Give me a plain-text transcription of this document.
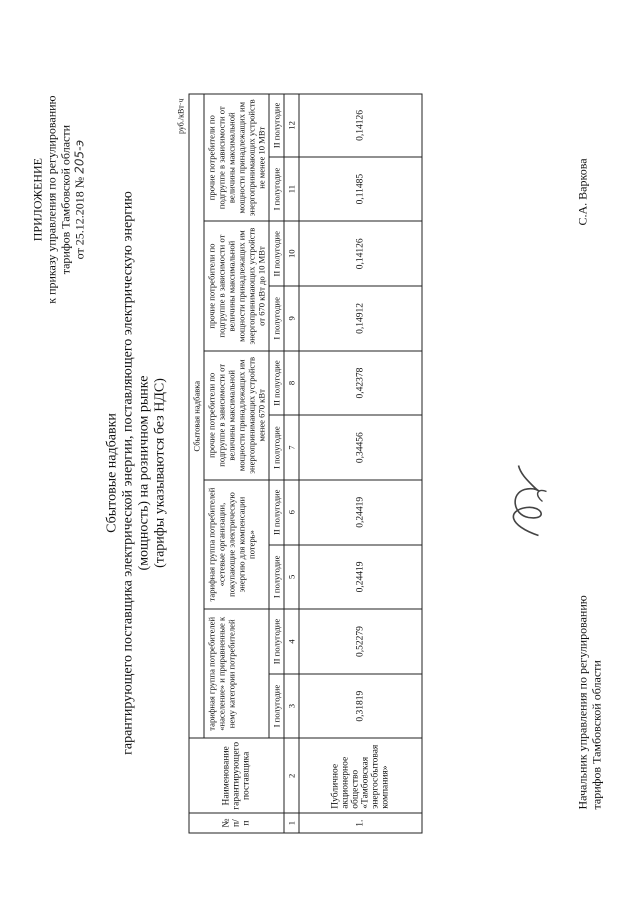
ПРИЛОЖЕНИЕ к приказу управления по регулированию тарифов Тамбовской области от 25.12.2018 № 205-э
Сбытовые надбавки гарантирующего поставщика электрической энергии, поставляющего электрическую энергию (мощность) на розничном рынке (тарифы указываются без НДС)
руб./кВт·ч
№ п/п	Наименование гарантирующего поставщика	Сбытовая надбавка									
		тарифная группа потребителей «население» и приравненные к нему категории потребителей		тарифная группа потребителей «сетевые организации, покупающие электрическую энергию для компенсации потерь»		прочие потребители по подгруппе в зависимости от величины максимальной мощности принадлежащих им энергопринимающих устройств менее 670 кВт		прочие потребители по подгруппе в зависимости от величины максимальной мощности принадлежащих им энергопринимающих устройств от 670 кВт до 10 МВт		прочие потребители по подгруппе в зависимости от величины максимальной мощности принадлежащих им энергопринимающих устройств не менее 10 МВт	
		I полугодие	II полугодие	I полугодие	II полугодие	I полугодие	II полугодие	I полугодие	II полугодие	I полугодие	II полугодие
1	2	3	4	5	6	7	8	9	10	11	12
1.	Публичное акционерное общество «Тамбовская энергосбытовая компания»	0,31819	0,52279	0,24419	0,24419	0,34456	0,42378	0,14912	0,14126	0,11485	0,14126
Начальник управления по регулированию тарифов Тамбовской области
С.А. Варкова
